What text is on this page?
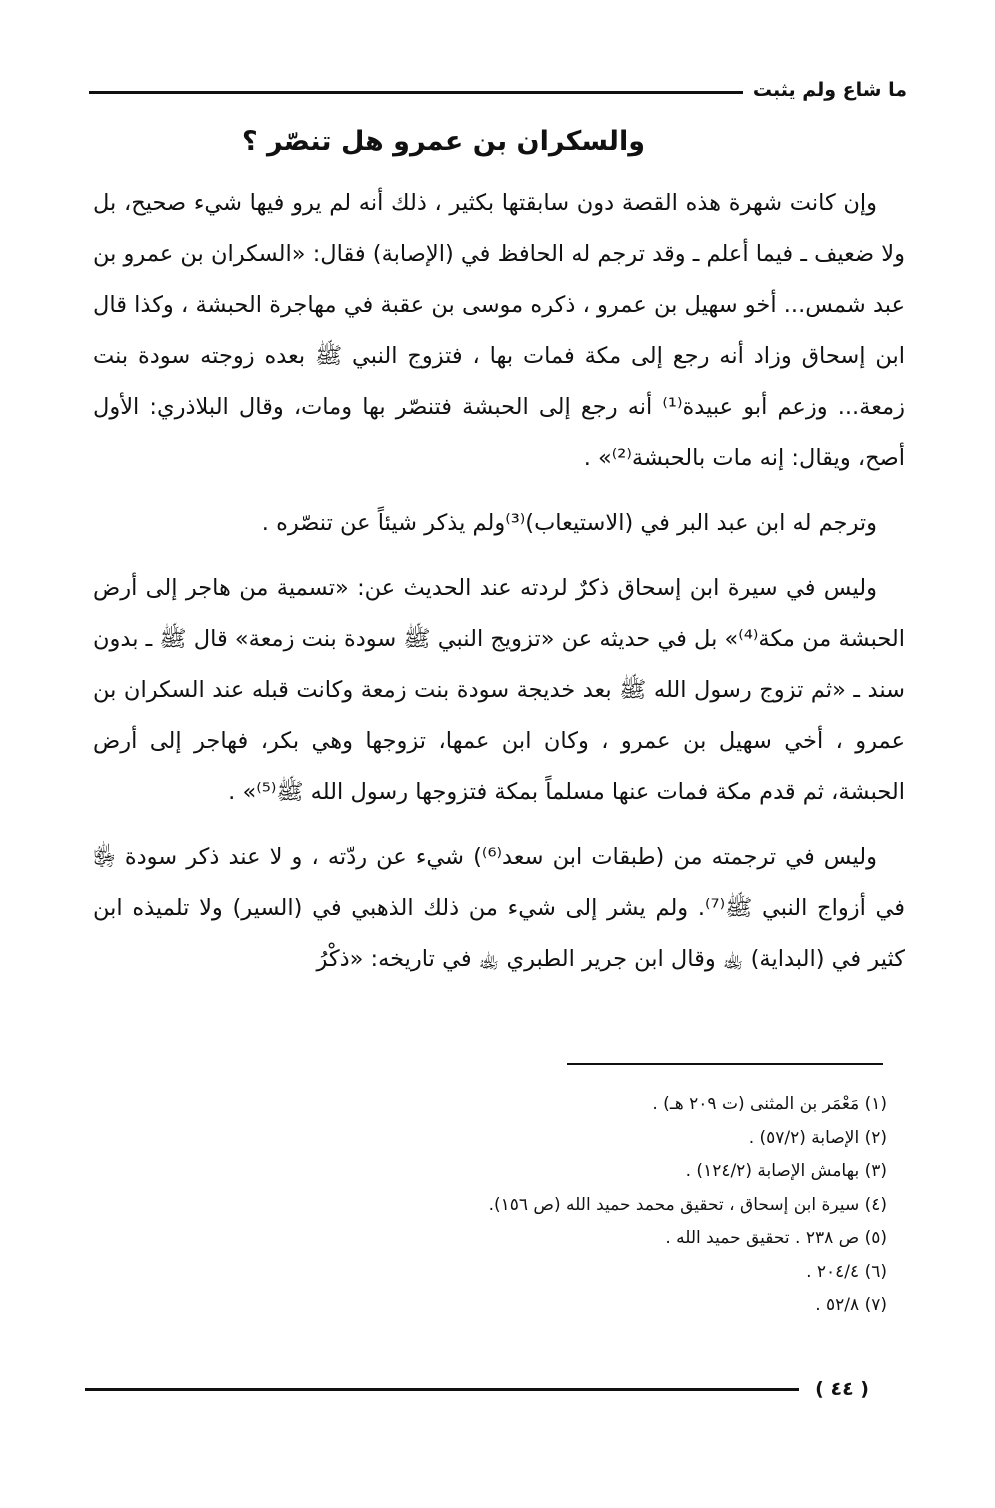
ما شاع ولم يثبت
والسكران بن عمرو هل تنصّر ؟

وإن كانت شهرة هذه القصة دون سابقتها بكثير ، ذلك أنه لم يرو فيها شيء صحيح، بل ولا ضعيف ـ فيما أعلم ـ وقد ترجم له الحافظ في (الإصابة) فقال: «السكران بن عمرو بن عبد شمس... أخو سهيل بن عمرو ، ذكره موسى بن عقبة في مهاجرة الحبشة ، وكذا قال ابن إسحاق وزاد أنه رجع إلى مكة فمات بها ، فتزوج النبي ﷺ بعده زوجته سودة بنت زمعة... وزعم أبو عبيدة⁽¹⁾ أنه رجع إلى الحبشة فتنصّر بها ومات، وقال البلاذري: الأول أصح، ويقال: إنه مات بالحبشة⁽²⁾» .

وترجم له ابن عبد البر في (الاستيعاب)⁽³⁾ولم يذكر شيئاً عن تنصّره .

وليس في سيرة ابن إسحاق ذكرٌ لردته عند الحديث عن: «تسمية من هاجر إلى أرض الحبشة من مكة⁽⁴⁾» بل في حديثه عن «تزويج النبي ﷺ سودة بنت زمعة» قال ﷺ ـ بدون سند ـ «ثم تزوج رسول الله ﷺ بعد خديجة سودة بنت زمعة وكانت قبله عند السكران بن عمرو ، أخي سهيل بن عمرو ، وكان ابن عمها، تزوجها وهي بكر، فهاجر إلى أرض الحبشة، ثم قدم مكة فمات عنها مسلماً بمكة فتزوجها رسول الله ﷺ⁽⁵⁾» .

وليس في ترجمته من (طبقات ابن سعد⁽⁶⁾) شيء عن ردّته ، و لا عند ذكر سودة ﵂ في أزواج النبي ﷺ⁽⁷⁾. ولم يشر إلى شيء من ذلك الذهبي في (السير) ولا تلميذه ابن كثير في (البداية) ﵀ وقال ابن جرير الطبري ﵀ في تاريخه: «ذكْرُ

(١) مَعْمَر بن المثنى (ت ٢٠٩ هـ) .
(٢) الإصابة (٥٧/٢) .
(٣) بهامش الإصابة (١٢٤/٢) .
(٤) سيرة ابن إسحاق ، تحقيق محمد حميد الله (ص ١٥٦).
(٥) ص ٢٣٨ . تحقيق حميد الله .
(٦) ٢٠٤/٤ .
(٧) ٥٢/٨ .
( ٤٤ )
